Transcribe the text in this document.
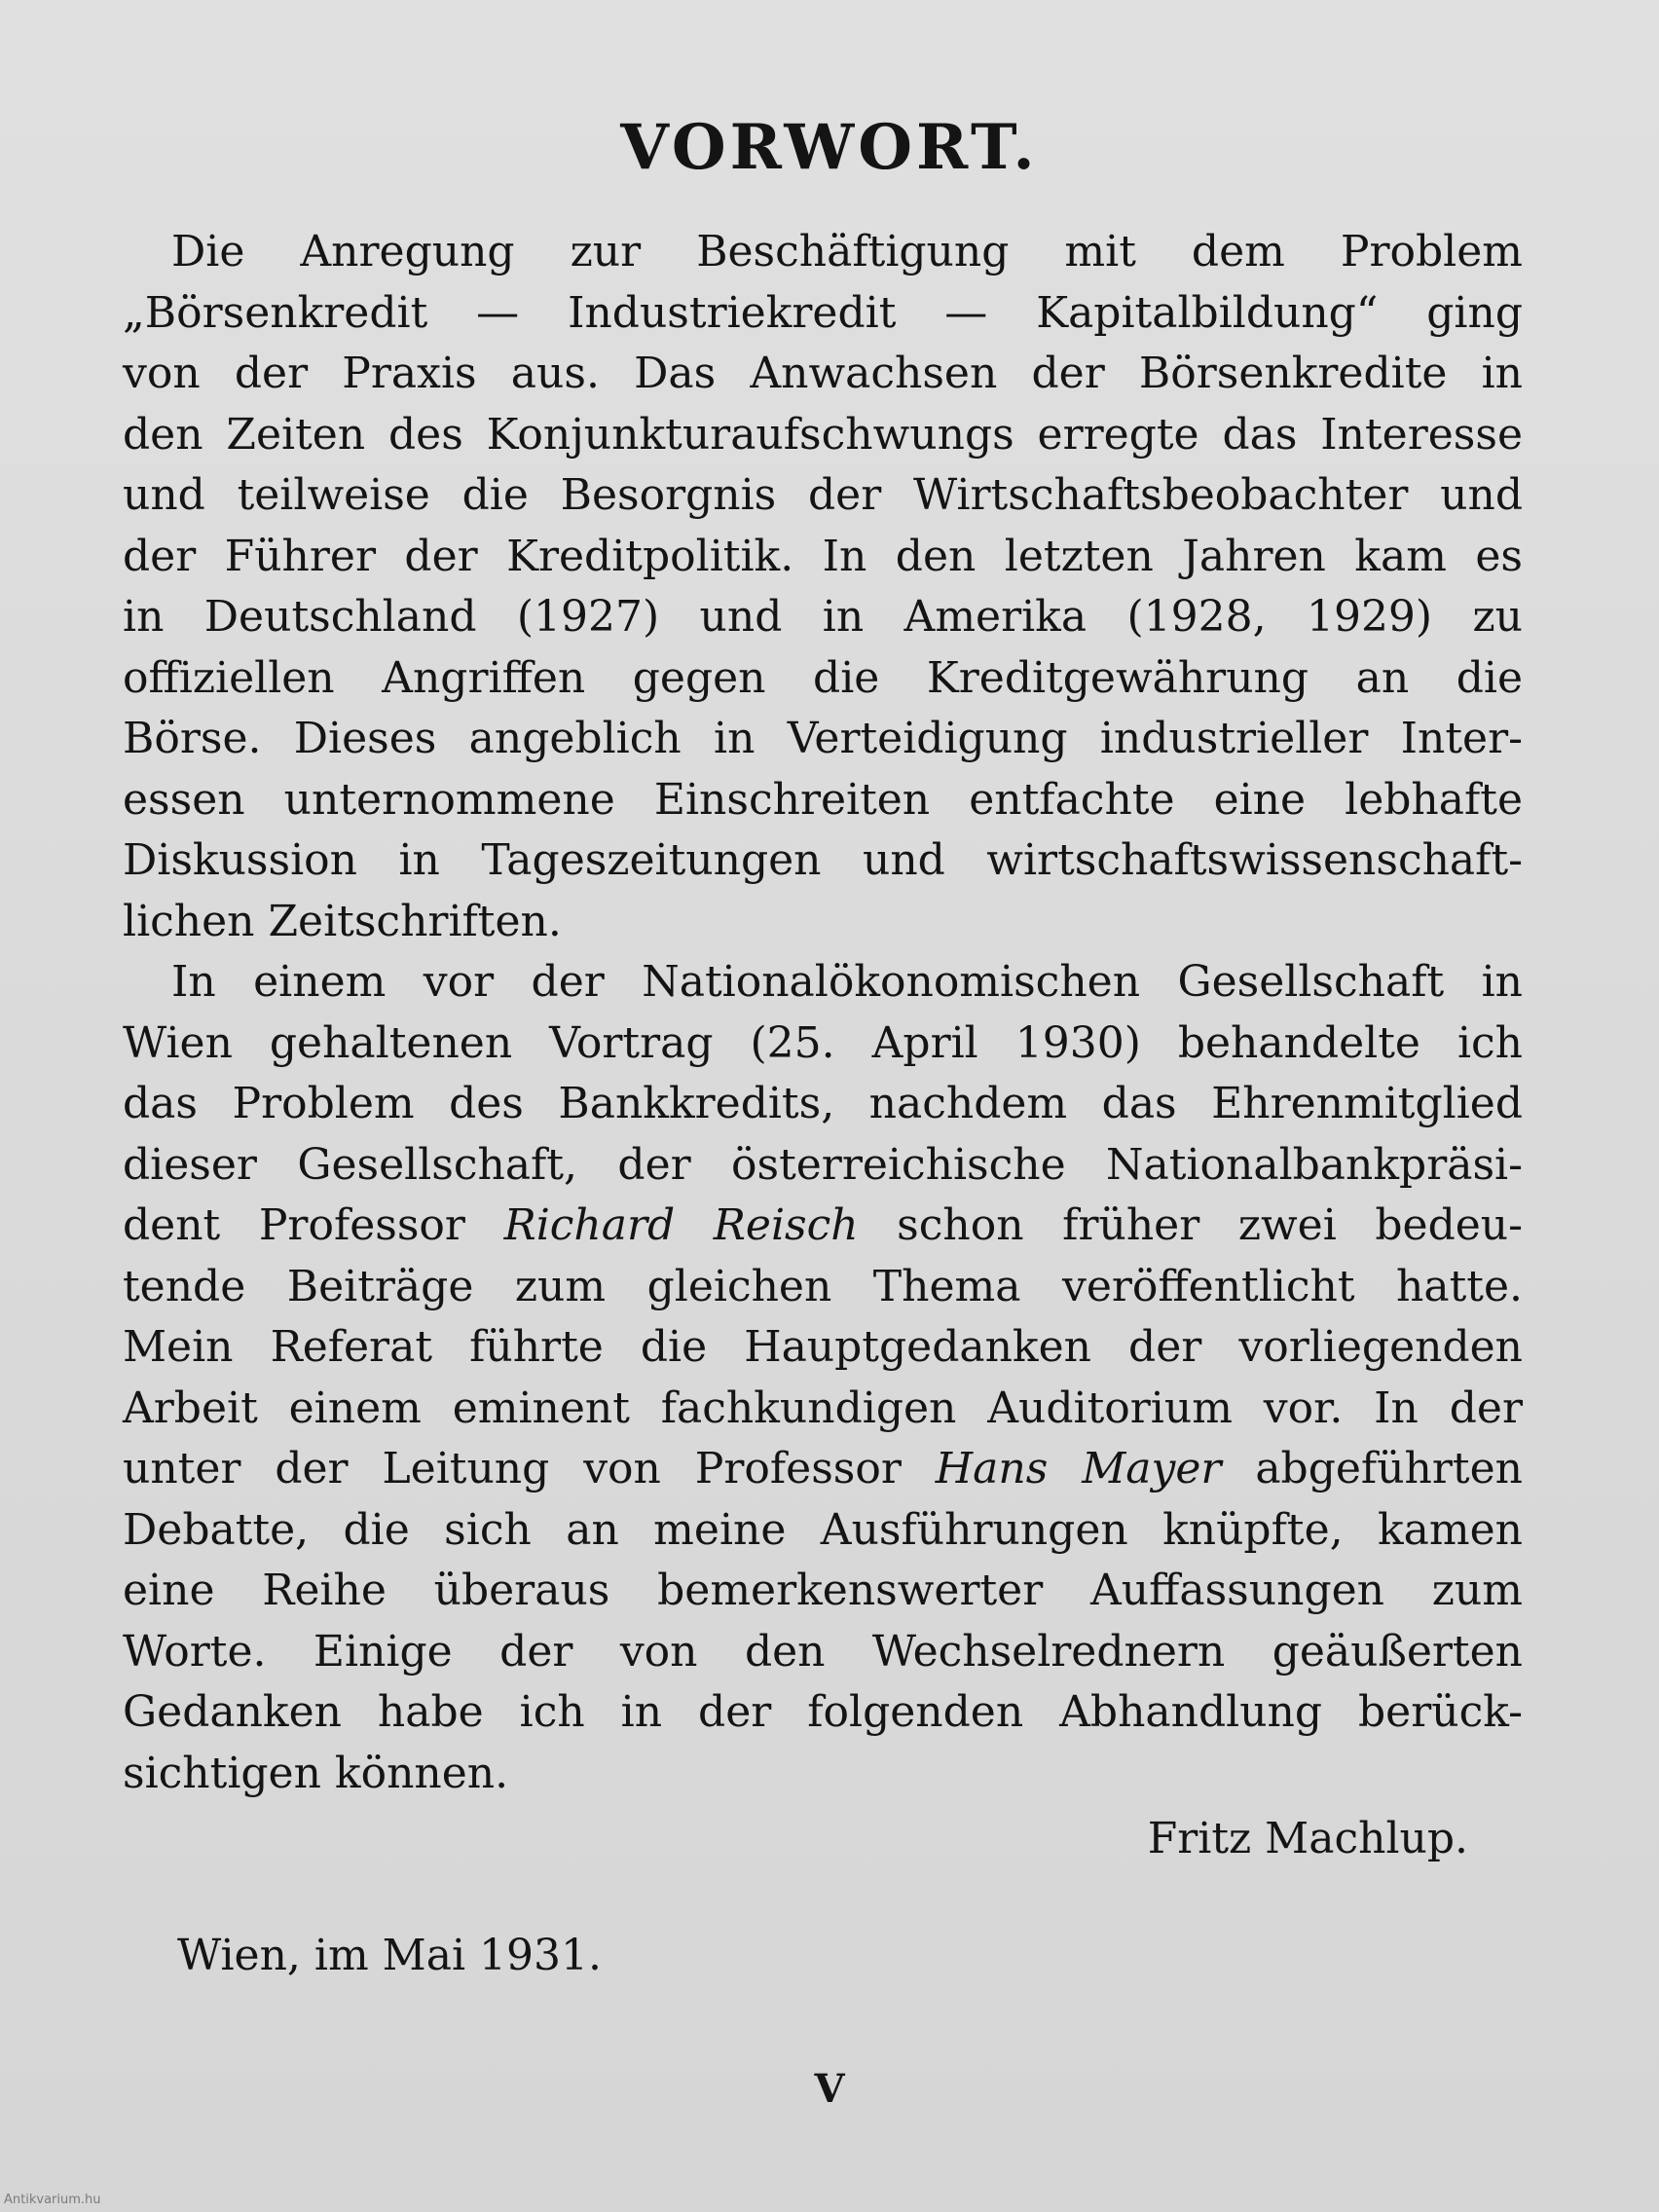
VORWORT.
Die Anregung zur Beschäftigung mit dem Problem
„Börsenkredit — Industriekredit — Kapitalbildung“ ging
von der Praxis aus. Das Anwachsen der Börsenkredite in
den Zeiten des Konjunkturaufschwungs erregte das Interesse
und teilweise die Besorgnis der Wirtschaftsbeobachter und
der Führer der Kreditpolitik. In den letzten Jahren kam es
in Deutschland (1927) und in Amerika (1928, 1929) zu
offiziellen Angriffen gegen die Kreditgewährung an die
Börse. Dieses angeblich in Verteidigung industrieller Inter-
essen unternommene Einschreiten entfachte eine lebhafte
Diskussion in Tageszeitungen und wirtschaftswissenschaft-
lichen Zeitschriften.
In einem vor der Nationalökonomischen Gesellschaft in
Wien gehaltenen Vortrag (25. April 1930) behandelte ich
das Problem des Bankkredits, nachdem das Ehrenmitglied
dieser Gesellschaft, der österreichische Nationalbankpräsi-
dent Professor Richard Reisch schon früher zwei bedeu-
tende Beiträge zum gleichen Thema veröffentlicht hatte.
Mein Referat führte die Hauptgedanken der vorliegenden
Arbeit einem eminent fachkundigen Auditorium vor. In der
unter der Leitung von Professor Hans Mayer abgeführten
Debatte, die sich an meine Ausführungen knüpfte, kamen
eine Reihe überaus bemerkenswerter Auffassungen zum
Worte. Einige der von den Wechselrednern geäußerten
Gedanken habe ich in der folgenden Abhandlung berück-
sichtigen können.
Fritz Machlup.
Wien, im Mai 1931.
V
Antikvarium.hu
